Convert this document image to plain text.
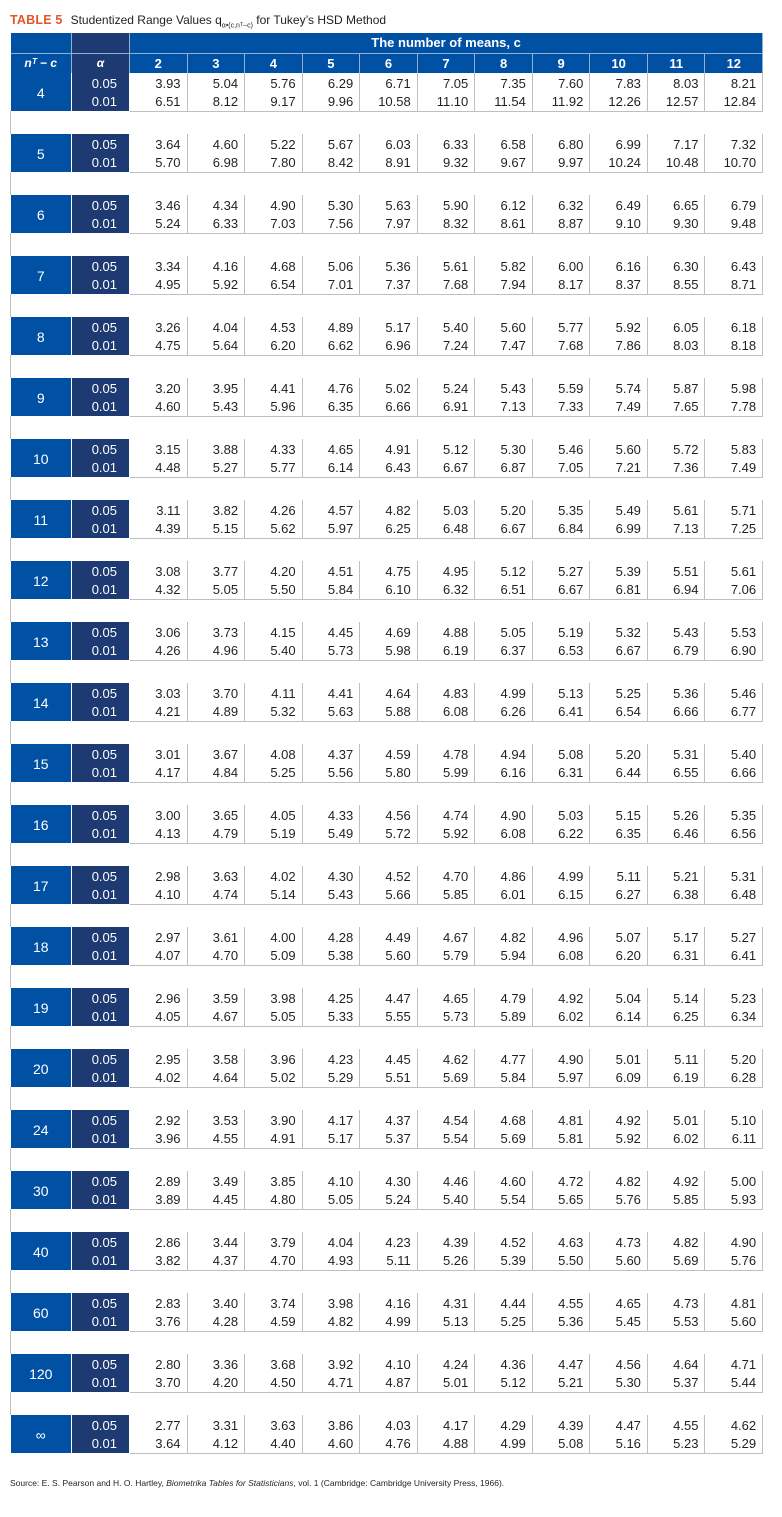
TABLE 5 Studentized Range Values $q_{\alpha•(c,nᵀ-c)}$ for Tukey’s HSD Method
		The number of means, c										
nᵀ − c	α	2	3	4	5	6	7	8	9	10	11	12
4	0.05	3.93	5.04	5.76	6.29	6.71	7.05	7.35	7.60	7.83	8.03	8.21
	0.01	6.51	8.12	9.17	9.96	10.58	11.10	11.54	11.92	12.26	12.57	12.84

5	0.05	3.64	4.60	5.22	5.67	6.03	6.33	6.58	6.80	6.99	7.17	7.32
	0.01	5.70	6.98	7.80	8.42	8.91	9.32	9.67	9.97	10.24	10.48	10.70

6	0.05	3.46	4.34	4.90	5.30	5.63	5.90	6.12	6.32	6.49	6.65	6.79
	0.01	5.24	6.33	7.03	7.56	7.97	8.32	8.61	8.87	9.10	9.30	9.48

7	0.05	3.34	4.16	4.68	5.06	5.36	5.61	5.82	6.00	6.16	6.30	6.43
	0.01	4.95	5.92	6.54	7.01	7.37	7.68	7.94	8.17	8.37	8.55	8.71

8	0.05	3.26	4.04	4.53	4.89	5.17	5.40	5.60	5.77	5.92	6.05	6.18
	0.01	4.75	5.64	6.20	6.62	6.96	7.24	7.47	7.68	7.86	8.03	8.18

9	0.05	3.20	3.95	4.41	4.76	5.02	5.24	5.43	5.59	5.74	5.87	5.98
	0.01	4.60	5.43	5.96	6.35	6.66	6.91	7.13	7.33	7.49	7.65	7.78

10	0.05	3.15	3.88	4.33	4.65	4.91	5.12	5.30	5.46	5.60	5.72	5.83
	0.01	4.48	5.27	5.77	6.14	6.43	6.67	6.87	7.05	7.21	7.36	7.49

11	0.05	3.11	3.82	4.26	4.57	4.82	5.03	5.20	5.35	5.49	5.61	5.71
	0.01	4.39	5.15	5.62	5.97	6.25	6.48	6.67	6.84	6.99	7.13	7.25

12	0.05	3.08	3.77	4.20	4.51	4.75	4.95	5.12	5.27	5.39	5.51	5.61
	0.01	4.32	5.05	5.50	5.84	6.10	6.32	6.51	6.67	6.81	6.94	7.06

13	0.05	3.06	3.73	4.15	4.45	4.69	4.88	5.05	5.19	5.32	5.43	5.53
	0.01	4.26	4.96	5.40	5.73	5.98	6.19	6.37	6.53	6.67	6.79	6.90

14	0.05	3.03	3.70	4.11	4.41	4.64	4.83	4.99	5.13	5.25	5.36	5.46
	0.01	4.21	4.89	5.32	5.63	5.88	6.08	6.26	6.41	6.54	6.66	6.77

15	0.05	3.01	3.67	4.08	4.37	4.59	4.78	4.94	5.08	5.20	5.31	5.40
	0.01	4.17	4.84	5.25	5.56	5.80	5.99	6.16	6.31	6.44	6.55	6.66

16	0.05	3.00	3.65	4.05	4.33	4.56	4.74	4.90	5.03	5.15	5.26	5.35
	0.01	4.13	4.79	5.19	5.49	5.72	5.92	6.08	6.22	6.35	6.46	6.56

17	0.05	2.98	3.63	4.02	4.30	4.52	4.70	4.86	4.99	5.11	5.21	5.31
	0.01	4.10	4.74	5.14	5.43	5.66	5.85	6.01	6.15	6.27	6.38	6.48

18	0.05	2.97	3.61	4.00	4.28	4.49	4.67	4.82	4.96	5.07	5.17	5.27
	0.01	4.07	4.70	5.09	5.38	5.60	5.79	5.94	6.08	6.20	6.31	6.41

19	0.05	2.96	3.59	3.98	4.25	4.47	4.65	4.79	4.92	5.04	5.14	5.23
	0.01	4.05	4.67	5.05	5.33	5.55	5.73	5.89	6.02	6.14	6.25	6.34

20	0.05	2.95	3.58	3.96	4.23	4.45	4.62	4.77	4.90	5.01	5.11	5.20
	0.01	4.02	4.64	5.02	5.29	5.51	5.69	5.84	5.97	6.09	6.19	6.28

24	0.05	2.92	3.53	3.90	4.17	4.37	4.54	4.68	4.81	4.92	5.01	5.10
	0.01	3.96	4.55	4.91	5.17	5.37	5.54	5.69	5.81	5.92	6.02	6.11

30	0.05	2.89	3.49	3.85	4.10	4.30	4.46	4.60	4.72	4.82	4.92	5.00
	0.01	3.89	4.45	4.80	5.05	5.24	5.40	5.54	5.65	5.76	5.85	5.93

40	0.05	2.86	3.44	3.79	4.04	4.23	4.39	4.52	4.63	4.73	4.82	4.90
	0.01	3.82	4.37	4.70	4.93	5.11	5.26	5.39	5.50	5.60	5.69	5.76

60	0.05	2.83	3.40	3.74	3.98	4.16	4.31	4.44	4.55	4.65	4.73	4.81
	0.01	3.76	4.28	4.59	4.82	4.99	5.13	5.25	5.36	5.45	5.53	5.60

120	0.05	2.80	3.36	3.68	3.92	4.10	4.24	4.36	4.47	4.56	4.64	4.71
	0.01	3.70	4.20	4.50	4.71	4.87	5.01	5.12	5.21	5.30	5.37	5.44

∞	0.05	2.77	3.31	3.63	3.86	4.03	4.17	4.29	4.39	4.47	4.55	4.62
	0.01	3.64	4.12	4.40	4.60	4.76	4.88	4.99	5.08	5.16	5.23	5.29
Source: E. S. Pearson and H. O. Hartley, Biometrika Tables for Statisticians, vol. 1 (Cambridge: Cambridge University Press, 1966).
